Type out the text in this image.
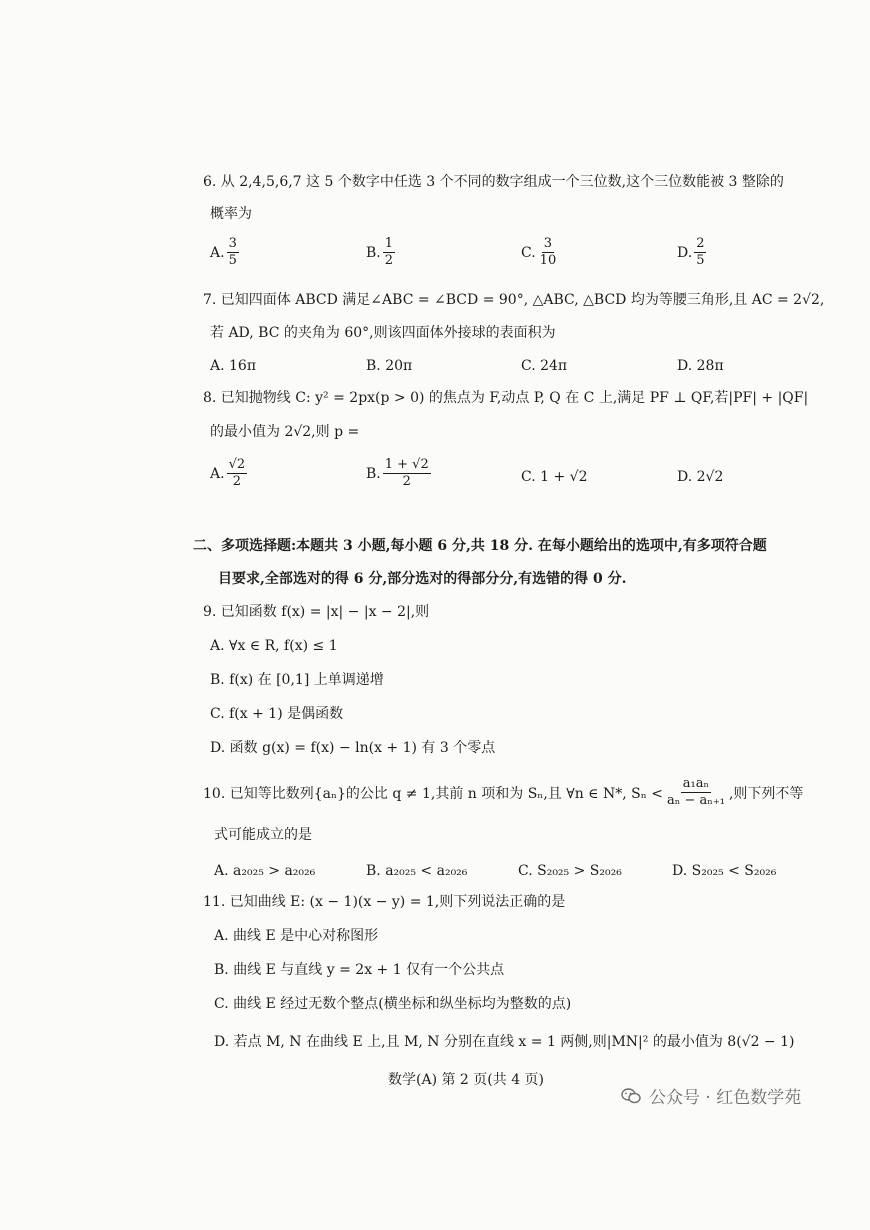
6. 从 2,4,5,6,7 这 5 个数字中任选 3 个不同的数字组成一个三位数,这个三位数能被 3 整除的
概率为
A. $\frac{3}{5}$	B. $\frac{1}{2}$	C. $\frac{3}{10}$	D. $\frac{2}{5}$
7. 已知四面体 ABCD 满足∠ABC = ∠BCD = 90°, △ABC, △BCD 均为等腰三角形,且 AC = 2√2,
若 AD, BC 的夹角为 60°,则该四面体外接球的表面积为
A. 16π	B. 20π	C. 24π	D. 28π
8. 已知抛物线 C: y² = 2px(p > 0) 的焦点为 F,动点 P, Q 在 C 上,满足 PF ⊥ QF,若|PF| + |QF|
的最小值为 2√2,则 p =
A. $\frac{√2}{2}$	B. $\frac{1 + √2}{2}$	C. 1 + √2	D. 2√2
二、多项选择题:本题共 3 小题,每小题 6 分,共 18 分. 在每小题给出的选项中,有多项符合题
目要求,全部选对的得 6 分,部分选对的得部分分,有选错的得 0 分.
9. 已知函数 f(x) = |x| − |x − 2|,则
A. ∀x ∈ R, f(x) ≤ 1
B. f(x) 在 [0,1] 上单调递增
C. f(x + 1) 是偶函数
D. 函数 g(x) = f(x) − ln(x + 1) 有 3 个零点
10. 已知等比数列{aₙ}的公比 q ≠ 1,其前 n 项和为 Sₙ,且 ∀n ∈ N*, $S_n < \frac{\text{a₁aₙ}}{\text{aₙ − aₙ₊₁}}$ ,则下列不等
式可能成立的是
A. a₂₀₂₅ > a₂₀₂₆	B. a₂₀₂₅ < a₂₀₂₆	C. S₂₀₂₅ > S₂₀₂₆	D. S₂₀₂₅ < S₂₀₂₆
11. 已知曲线 E: (x − 1)(x − y) = 1,则下列说法正确的是
A. 曲线 E 是中心对称图形
B. 曲线 E 与直线 y = 2x + 1 仅有一个公共点
C. 曲线 E 经过无数个整点(横坐标和纵坐标均为整数的点)
D. 若点 M, N 在曲线 E 上,且 M, N 分别在直线 x = 1 两侧,则|MN|² 的最小值为 8(√2 − 1)
数学(A) 第 2 页(共 4 页)
公众号 · 红色数学苑
